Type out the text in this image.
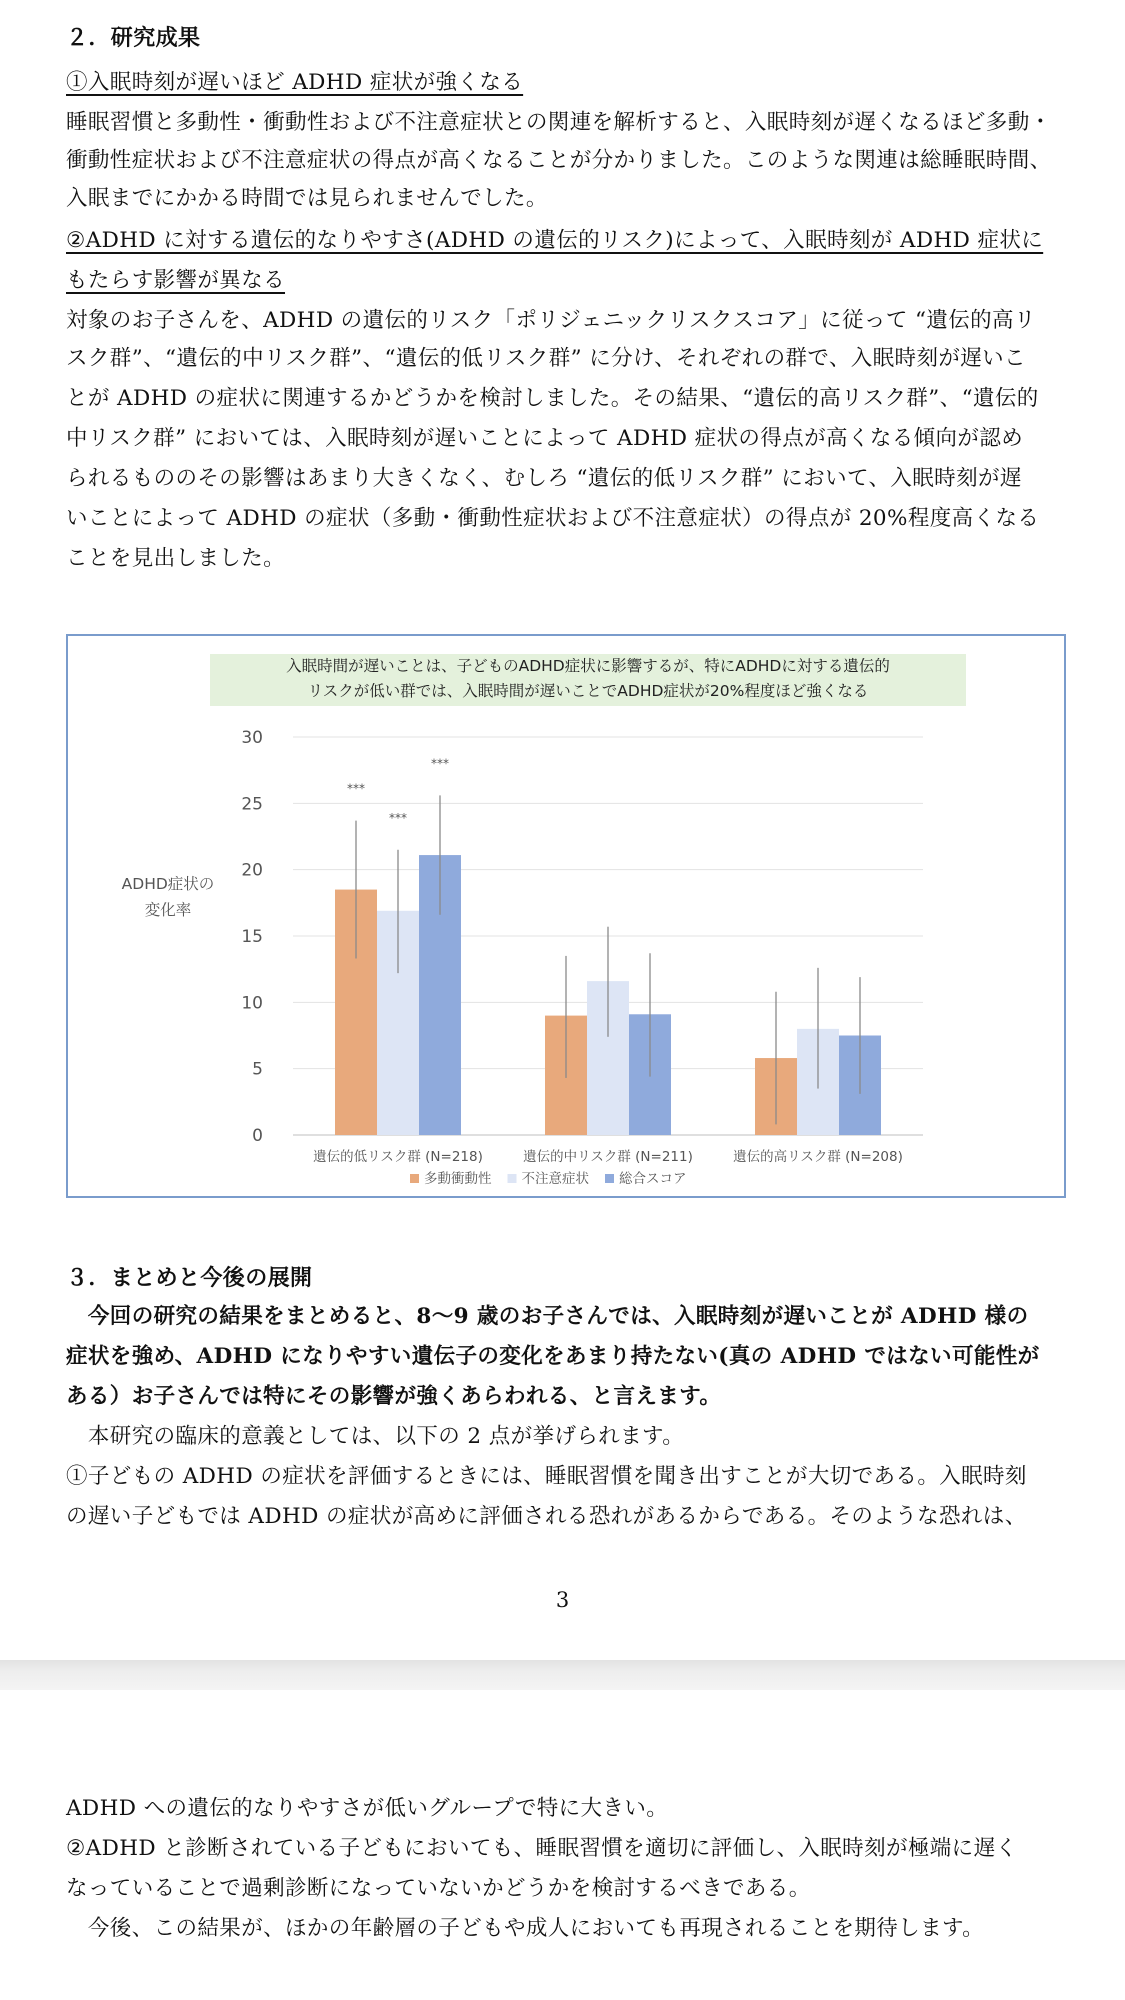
２．研究成果
①入眠時刻が遅いほど ADHD 症状が強くなる
睡眠習慣と多動性・衝動性および不注意症状との関連を解析すると、入眠時刻が遅くなるほど多動・
衝動性症状および不注意症状の得点が高くなることが分かりました。このような関連は総睡眠時間、
入眠までにかかる時間では見られませんでした。
②ADHD に対する遺伝的なりやすさ(ADHD の遺伝的リスク)によって、入眠時刻が ADHD 症状に
もたらす影響が異なる
対象のお子さんを、ADHD の遺伝的リスク「ポリジェニックリスクスコア」に従って “遺伝的高リ
スク群”、“遺伝的中リスク群”、“遺伝的低リスク群” に分け、それぞれの群で、入眠時刻が遅いこ
とが ADHD の症状に関連するかどうかを検討しました。その結果、“遺伝的高リスク群”、“遺伝的
中リスク群” においては、入眠時刻が遅いことによって ADHD 症状の得点が高くなる傾向が認め
られるもののその影響はあまり大きくなく、むしろ “遺伝的低リスク群” において、入眠時刻が遅
いことによって ADHD の症状（多動・衝動性症状および不注意症状）の得点が 20%程度高くなる
ことを見出しました。
入眠時間が遅いことは、子どものADHD症状に影響するが、特にADHDに対する遺伝的
リスクが低い群では、入眠時間が遅いことでADHD症状が20%程度ほど強くなる
0
5
10
15
20
25
30
ADHD症状の
変化率
***
***
***
遺伝的低リスク群 (N=218)	遺伝的中リスク群 (N=211)	遺伝的高リスク群 (N=208)
多動衝動性 不注意症状 総合スコア
３．まとめと今後の展開
　今回の研究の結果をまとめると、8〜9 歳のお子さんでは、入眠時刻が遅いことが ADHD 様の
症状を強め、ADHD になりやすい遺伝子の変化をあまり持たない(真の ADHD ではない可能性が
ある）お子さんでは特にその影響が強くあらわれる、と言えます。
　本研究の臨床的意義としては、以下の 2 点が挙げられます。
①子どもの ADHD の症状を評価するときには、睡眠習慣を聞き出すことが大切である。入眠時刻
の遅い子どもでは ADHD の症状が高めに評価される恐れがあるからである。そのような恐れは、
3
ADHD への遺伝的なりやすさが低いグループで特に大きい。
②ADHD と診断されている子どもにおいても、睡眠習慣を適切に評価し、入眠時刻が極端に遅く
なっていることで過剰診断になっていないかどうかを検討するべきである。
　今後、この結果が、ほかの年齢層の子どもや成人においても再現されることを期待します。
